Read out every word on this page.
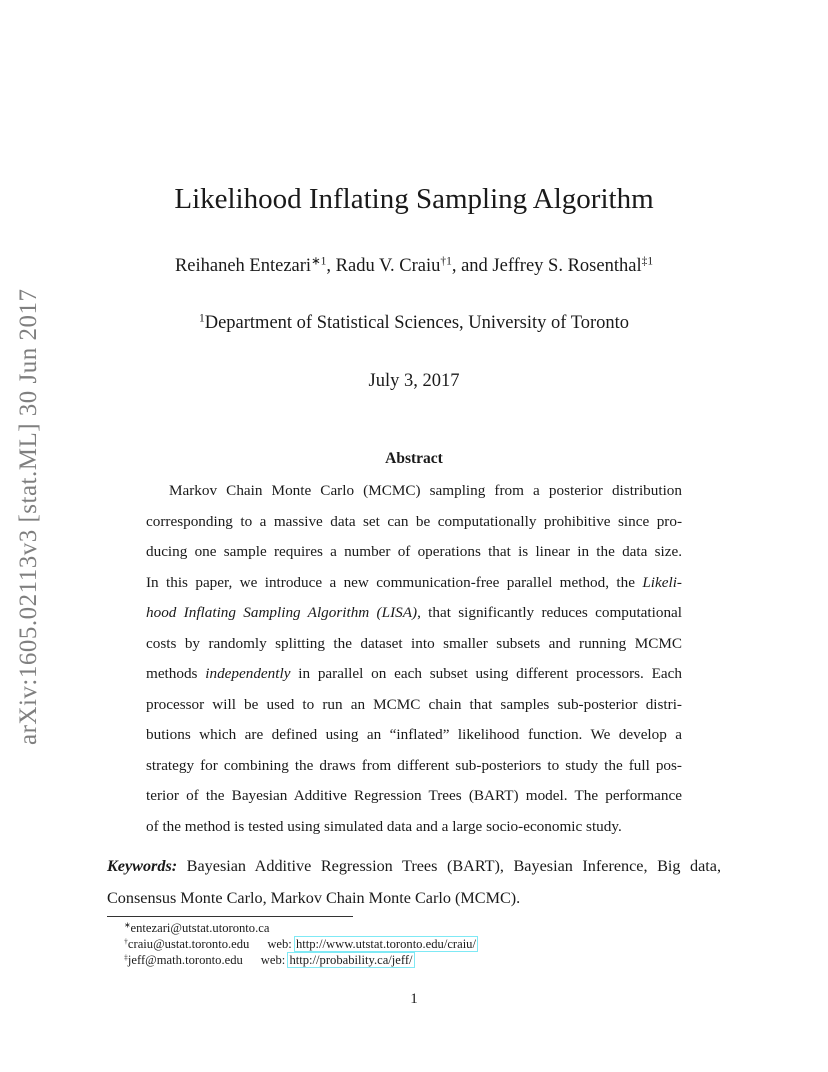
arXiv:1605.02113v3 [stat.ML] 30 Jun 2017
Likelihood Inflating Sampling Algorithm
Reihaneh Entezari$^{∗1}$, Radu V. Craiu$^{\dagger 1}$, and Jeffrey S. Rosenthal$^{\ddagger 1}$
$^1$Department of Statistical Sciences, University of Toronto
July 3, 2017
Abstract
Markov Chain Monte Carlo (MCMC) sampling from a posterior distribution
corresponding to a massive data set can be computationally prohibitive since pro-
ducing one sample requires a number of operations that is linear in the data size.
In this paper, we introduce a new communication-free parallel method, the Likeli-
hood Inflating Sampling Algorithm (LISA), that significantly reduces computational
costs by randomly splitting the dataset into smaller subsets and running MCMC
methods independently in parallel on each subset using different processors. Each
processor will be used to run an MCMC chain that samples sub-posterior distri-
butions which are defined using an “inflated” likelihood function. We develop a
strategy for combining the draws from different sub-posteriors to study the full pos-
terior of the Bayesian Additive Regression Trees (BART) model. The performance
of the method is tested using simulated data and a large socio-economic study.
Keywords: Bayesian Additive Regression Trees (BART), Bayesian Inference, Big data,
Consensus Monte Carlo, Markov Chain Monte Carlo (MCMC).
∗entezari@utstat.utoronto.ca
†craiu@ustat.toronto.edu web: http://www.utstat.toronto.edu/craiu/
‡jeff@math.toronto.edu web: http://probability.ca/jeff/
1
